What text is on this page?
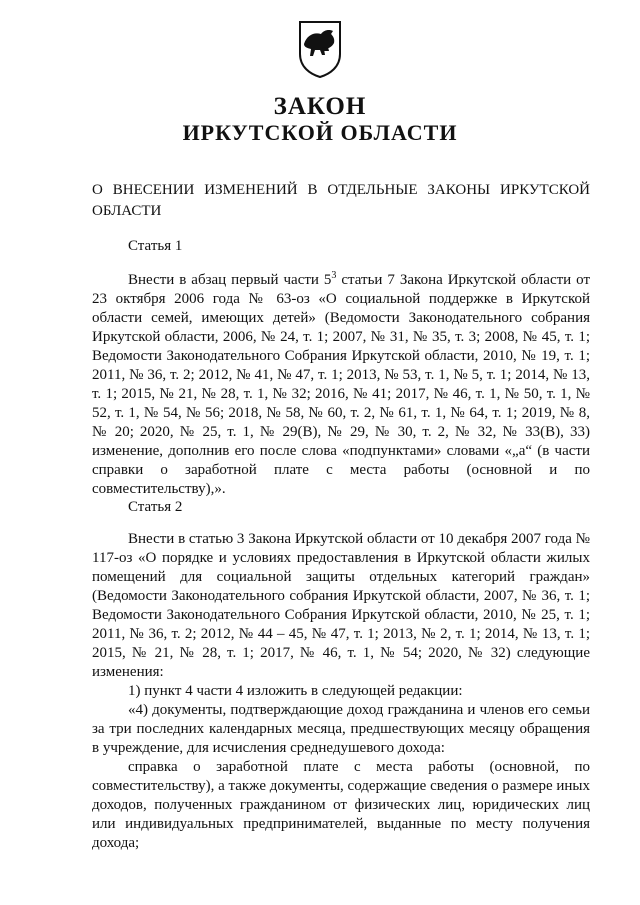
ЗАКОН
ИРКУТСКОЙ ОБЛАСТИ

О ВНЕСЕНИИ ИЗМЕНЕНИЙ В ОТДЕЛЬНЫЕ ЗАКОНЫ ИРКУТСКОЙ ОБЛАСТИ

Статья 1

Внести в абзац первый части $5^3$ статьи 7 Закона Иркутской области от 23 октября 2006 года № 63-оз «О социальной поддержке в Иркутской области семей, имеющих детей» (Ведомости Законодательного собрания Иркутской области, 2006, № 24, т. 1; 2007, № 31, № 35, т. 3; 2008, № 45, т. 1; Ведомости Законодательного Собрания Иркутской области, 2010, № 19, т. 1; 2011, № 36, т. 2; 2012, № 41, № 47, т. 1; 2013, № 53, т. 1, № 5, т. 1; 2014, № 13, т. 1; 2015, № 21, № 28, т. 1, № 32; 2016, № 41; 2017, № 46, т. 1, № 50, т. 1, № 52, т. 1, № 54, № 56; 2018, № 58, № 60, т. 2, № 61, т. 1, № 64, т. 1; 2019, № 8, № 20; 2020, № 25, т. 1, № 29(В), № 29, № 30, т. 2, № 32, № 33(В), 33) изменение, дополнив его после слова «подпунктами» словами «„а“ (в части справки о заработной плате с места работы (основной и по совместительству),».

Статья 2

Внести в статью 3 Закона Иркутской области от 10 декабря 2007 года № 117-оз «О порядке и условиях предоставления в Иркутской области жилых помещений для социальной защиты отдельных категорий граждан» (Ведомости Законодательного собрания Иркутской области, 2007, № 36, т. 1; Ведомости Законодательного Собрания Иркутской области, 2010, № 25, т. 1; 2011, № 36, т. 2; 2012, № 44 – 45, № 47, т. 1; 2013, № 2, т. 1; 2014, № 13, т. 1; 2015, № 21, № 28, т. 1; 2017, № 46, т. 1, № 54; 2020, № 32) следующие изменения:

1) пункт 4 части 4 изложить в следующей редакции:

«4) документы, подтверждающие доход гражданина и членов его семьи за три последних календарных месяца, предшествующих месяцу обращения в учреждение, для исчисления среднедушевого дохода:

справка о заработной плате с места работы (основной, по совместительству), а также документы, содержащие сведения о размере иных доходов, полученных гражданином от физических лиц, юридических лиц или индивидуальных предпринимателей, выданные по месту получения дохода;
